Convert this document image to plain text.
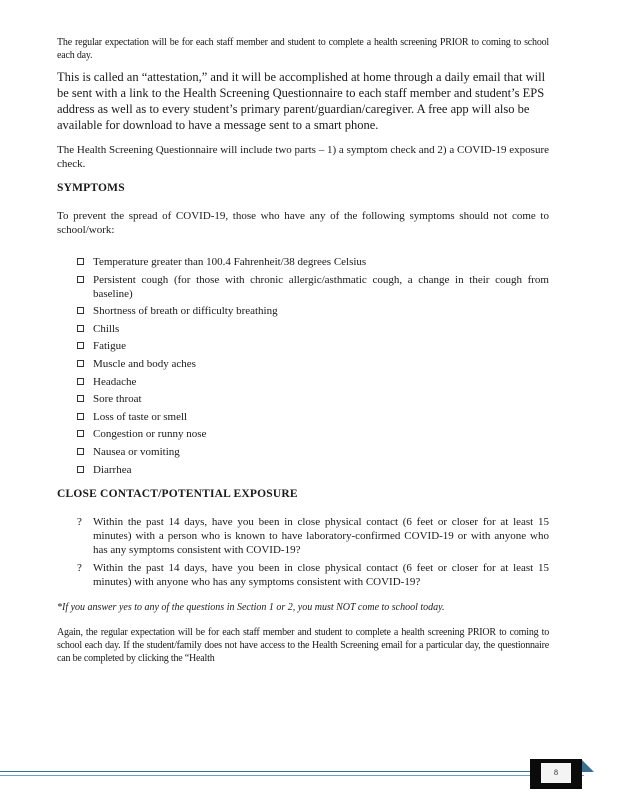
The regular expectation will be for each staff member and student to complete a health screening PRIOR to coming to school each day.

This is called an “attestation,” and it will be accomplished at home through a daily email that will be sent with a link to the Health Screening Questionnaire to each staff member and student’s EPS address as well as to every student’s primary parent/guardian/caregiver. A free app will also be available for download to have a message sent to a smart phone.

The Health Screening Questionnaire will include two parts – 1) a symptom check and 2) a COVID-19 exposure check.

SYMPTOMS

To prevent the spread of COVID-19, those who have any of the following symptoms should not come to school/work:

Temperature greater than 100.4 Fahrenheit/38 degrees Celsius
Persistent cough (for those with chronic allergic/asthmatic cough, a change in their cough from baseline)
Shortness of breath or difficulty breathing
Chills
Fatigue
Muscle and body aches
Headache
Sore throat
Loss of taste or smell
Congestion or runny nose
Nausea or vomiting
Diarrhea
CLOSE CONTACT/POTENTIAL EXPOSURE
? Within the past 14 days, have you been in close physical contact (6 feet or closer for at least 15 minutes) with a person who is known to have laboratory-confirmed COVID-19 or with anyone who has any symptoms consistent with COVID-19?
? Within the past 14 days, have you been in close physical contact (6 feet or closer for at least 15 minutes) with anyone who has any symptoms consistent with COVID-19?

*If you answer yes to any of the questions in Section 1 or 2, you must NOT come to school today.

Again, the regular expectation will be for each staff member and student to complete a health screening PRIOR to coming to school each day. If the student/family does not have access to the Health Screening email for a particular day, the questionnaire can be completed by clicking the “Health

8
